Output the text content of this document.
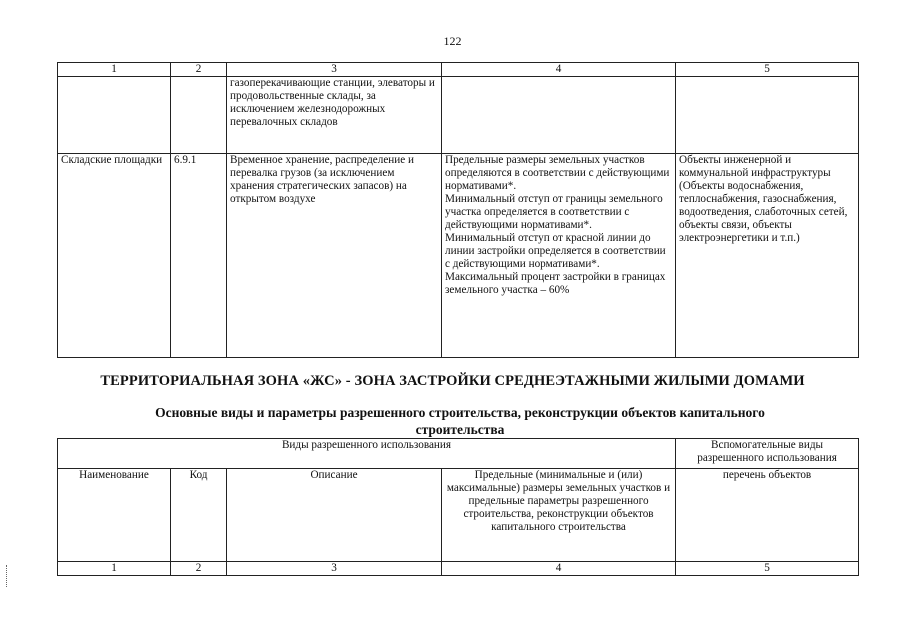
122
1	2	3	4	5
		газоперекачивающие станции, элеваторы и продовольственные склады, за исключением железнодорожных перевалочных складов		
Складские площадки	6.9.1	Временное хранение, распределение и перевалка грузов (за исключением хранения стратегических запасов) на открытом воздухе	Предельные размеры земельных участков определяются в соответствии с действующими нормативами*.
Минимальный отступ от границы земельного участка определяется в соответствии с действующими нормативами*.
Минимальный отступ от красной линии до линии застройки определяется в соответствии с действующими нормативами*.
Максимальный процент застройки в границах земельного участка – 60%	Объекты инженерной и коммунальной инфраструктуры (Объекты водоснабжения, теплоснабжения, газоснабжения, водоотведения, слаботочных сетей, объекты связи, объекты электроэнергетики и т.п.)
ТЕРРИТОРИАЛЬНАЯ ЗОНА «ЖС» - ЗОНА ЗАСТРОЙКИ СРЕДНЕЭТАЖНЫМИ ЖИЛЫМИ ДОМАМИ
Основные виды и параметры разрешенного строительства, реконструкции объектов капитального строительства
Виды разрешенного использования				Вспомогательные виды разрешенного использования
Наименование	Код	Описание	Предельные (минимальные и (или) максимальные) размеры земельных участков и предельные параметры разрешенного строительства, реконструкции объектов капитального строительства	перечень объектов
1	2	3	4	5
